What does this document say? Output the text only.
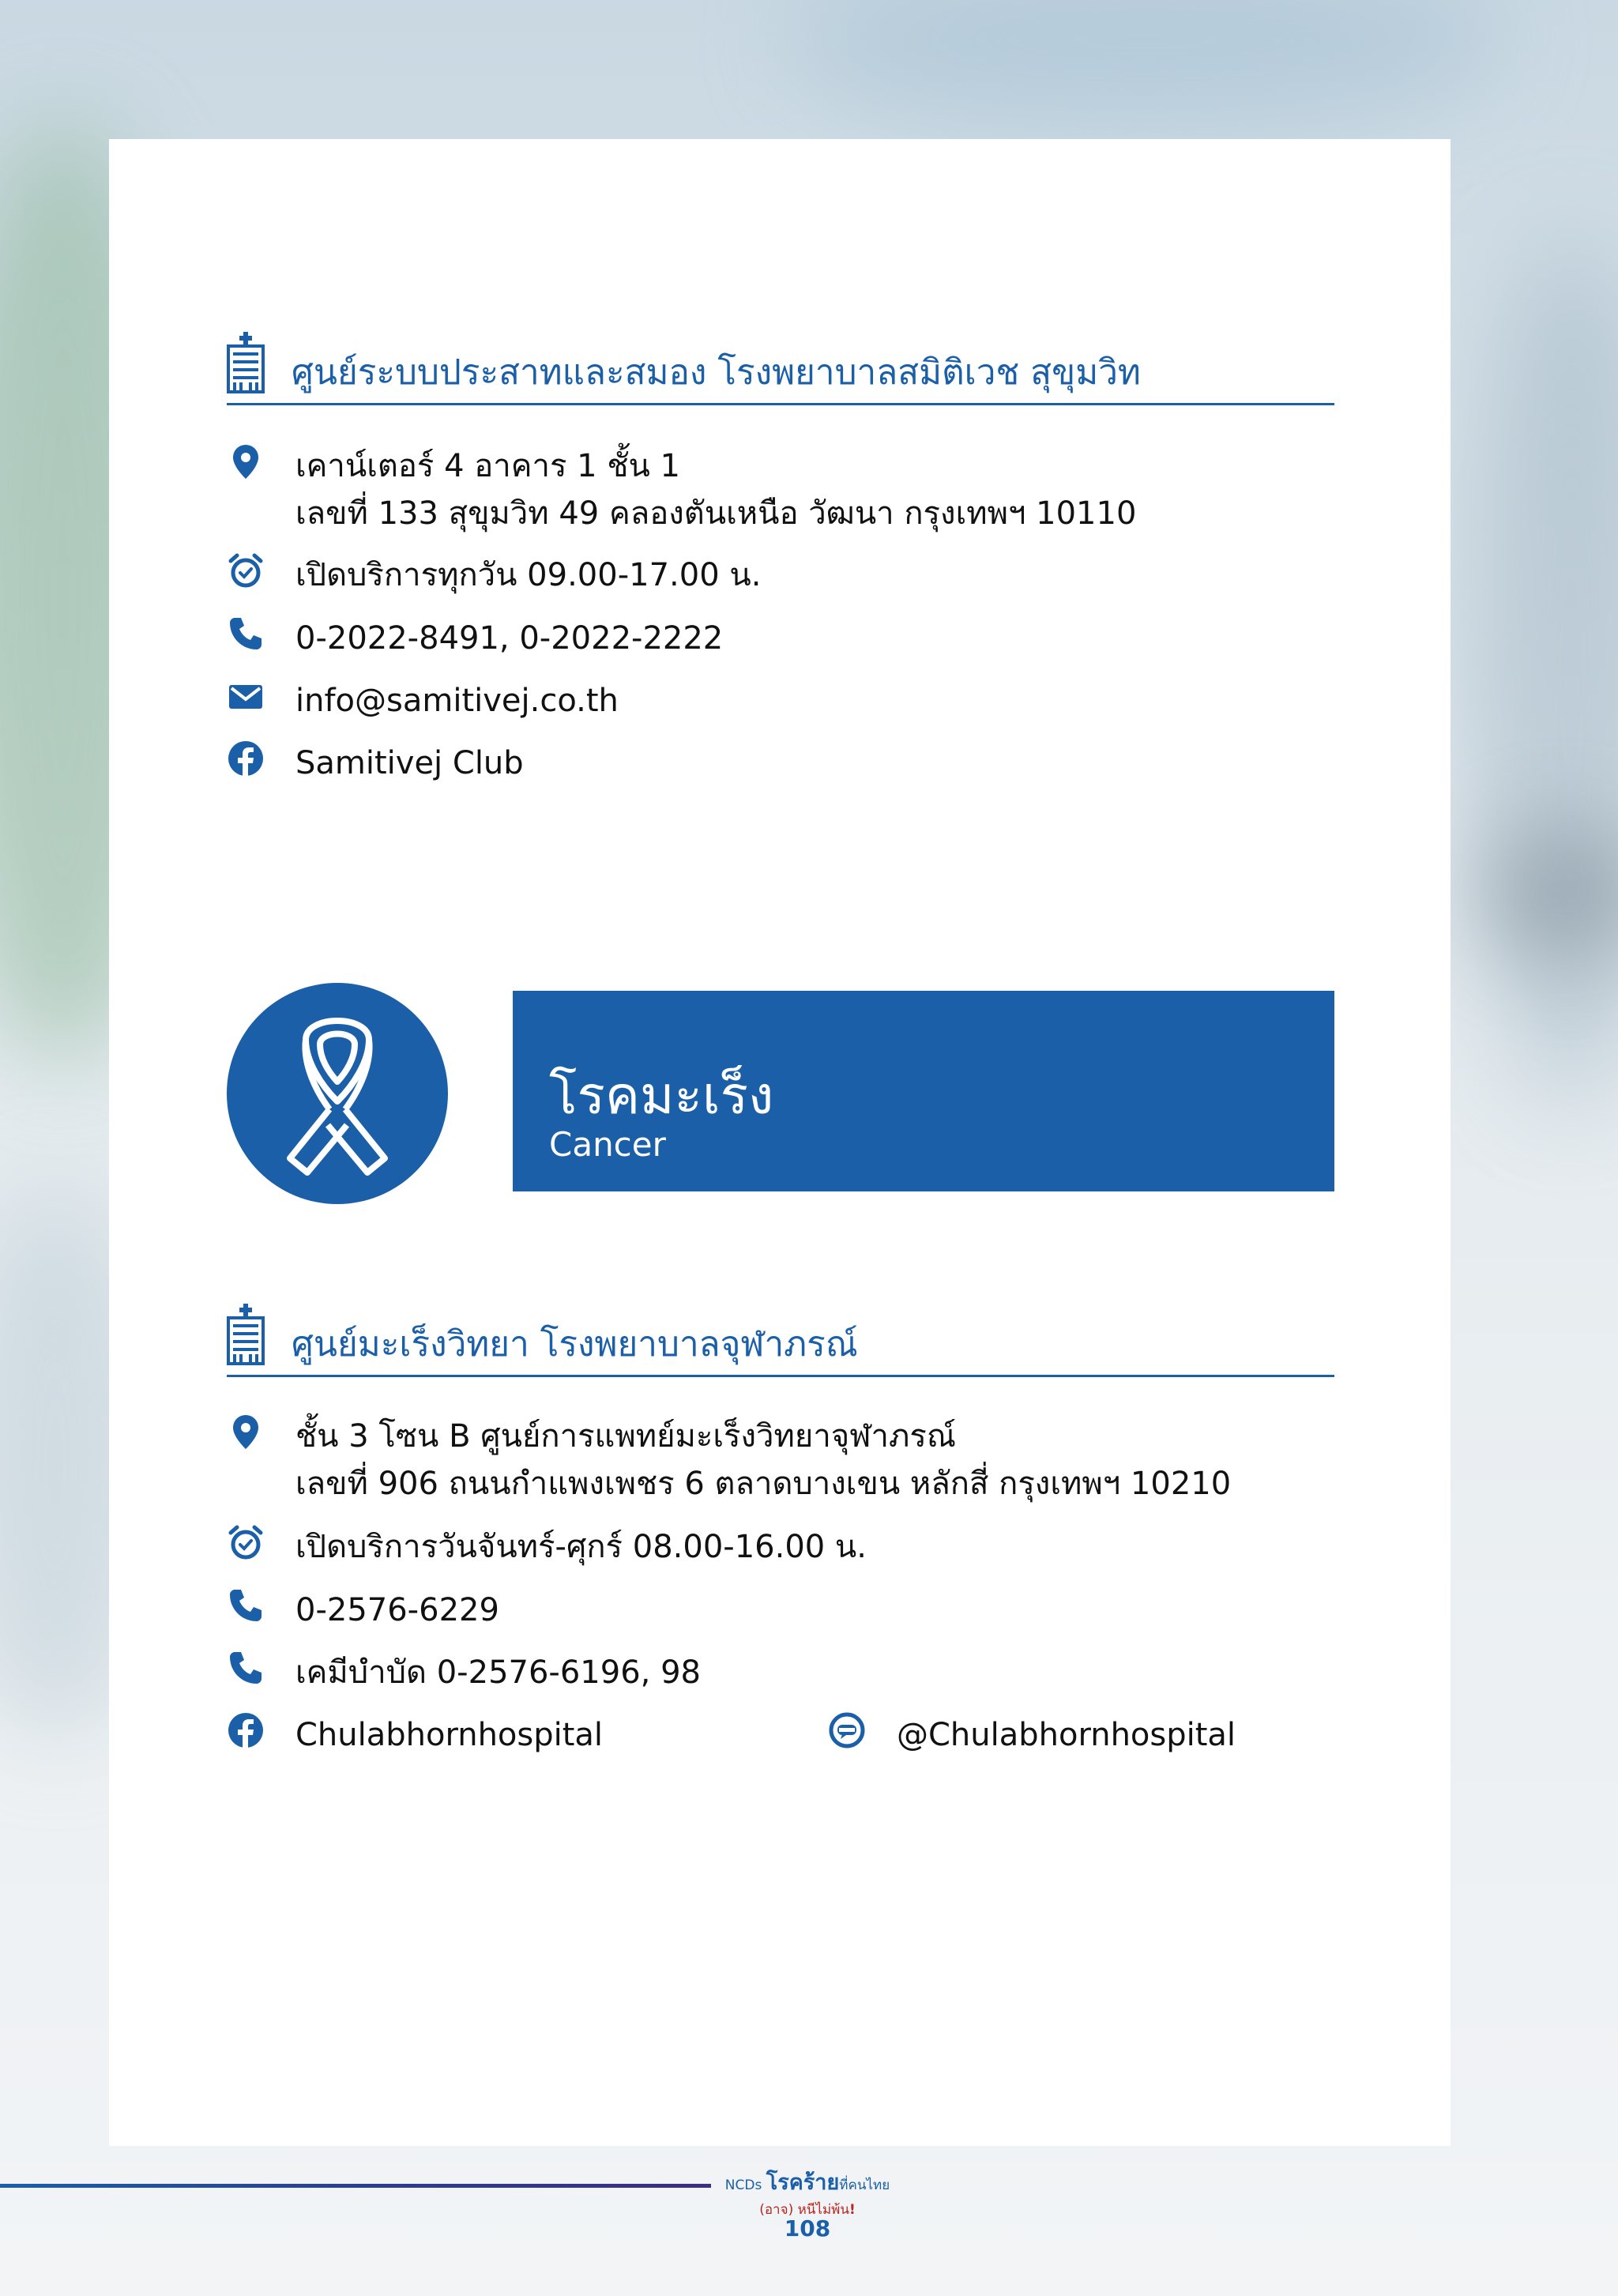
ศูนย์ระบบประสาทและสมอง โรงพยาบาลสมิติเวช สุขุมวิท
เคาน์เตอร์ 4 อาคาร 1 ชั้น 1
เลขที่ 133 สุขุมวิท 49 คลองตันเหนือ วัฒนา กรุงเทพฯ 10110
เปิดบริการทุกวัน 09.00-17.00 น.
0-2022-8491, 0-2022-2222
info@samitivej.co.th
Samitivej Club
โรคมะเร็ง
Cancer
ศูนย์มะเร็งวิทยา โรงพยาบาลจุฬาภรณ์
ชั้น 3 โซน B ศูนย์การแพทย์มะเร็งวิทยาจุฬาภรณ์
เลขที่ 906 ถนนกำแพงเพชร 6 ตลาดบางเขน หลักสี่ กรุงเทพฯ 10210
เปิดบริการวันจันทร์-ศุกร์ 08.00-16.00 น.
0-2576-6229
เคมีบำบัด 0-2576-6196, 98
Chulabhornhospital	@Chulabhornhospital
NCDs โรคร้ายที่คนไทย
(อาจ) หนีไม่พ้น!
108
